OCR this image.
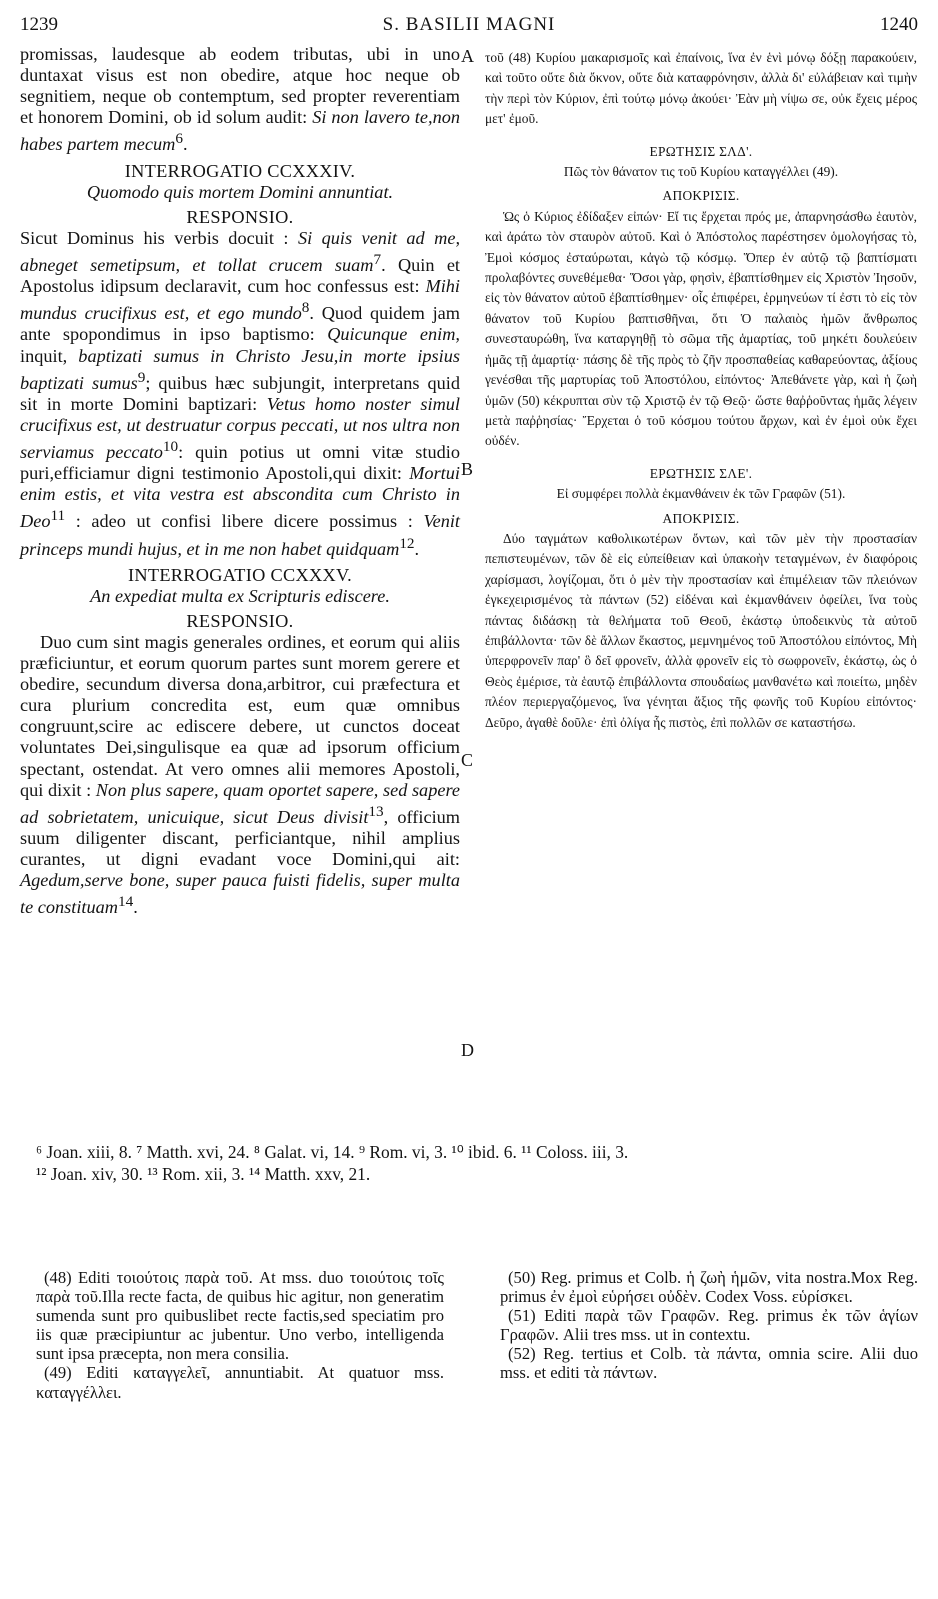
1239	S. BASILII MAGNI	1240
A
B
C
D

promissas, laudesque ab eodem tributas, ubi in uno duntaxat visus est non obedire, atque hoc neque ob segnitiem, neque ob contemptum, sed propter reverentiam et honorem Domini, ob id solum audit: Si non lavero te,non habes partem mecum$^6$.

INTERROGATIO CCXXXIV.

Quomodo quis mortem Domini annuntiat.

RESPONSIO.

Sicut Dominus his verbis docuit : Si quis venit ad me, abneget semetipsum, et tollat crucem suam$^7$. Quin et Apostolus idipsum declaravit, cum hoc confessus est: Mihi mundus crucifixus est, et ego mundo$^8$. Quod quidem jam ante spopondimus in ipso baptismo: Quicunque enim, inquit, baptizati sumus in Christo Jesu,in morte ipsius baptizati sumus$^9$; quibus hæc subjungit, interpretans quid sit in morte Domini baptizari: Vetus homo noster simul crucifixus est, ut destruatur corpus peccati, ut nos ultra non serviamus peccato$^{10}$: quin potius ut omni vitæ studio puri,efficiamur digni testimonio Apostoli,qui dixit: Mortui enim estis, et vita vestra est abscondita cum Christo in Deo$^{11}$ : adeo ut confisi libere dicere possimus : Venit princeps mundi hujus, et in me non habet quidquam$^{12}$.

INTERROGATIO CCXXXV.

An expediat multa ex Scripturis ediscere.

RESPONSIO.

Duo cum sint magis generales ordines, et eorum qui aliis præficiuntur, et eorum quorum partes sunt morem gerere et obedire, secundum diversa dona,arbitror, cui præfectura et cura plurium concredita est, eum quæ omnibus congruunt,scire ac ediscere debere, ut cunctos doceat voluntates Dei,singulisque ea quæ ad ipsorum officium spectant, ostendat. At vero omnes alii memores Apostoli, qui dixit : Non plus sapere, quam oportet sapere, sed sapere ad sobrietatem, unicuique, sicut Deus divisit$^{13}$, officium suum diligenter discant, perficiantque, nihil amplius curantes, ut digni evadant voce Domini,qui ait: Agedum,serve bone, super pauca fuisti fidelis, super multa te constituam$^{14}$.

τοῦ (48) Κυρίου μακαρισμοῖς καὶ ἐπαίνοις, ἵνα ἐν ἑνὶ μόνῳ δόξῃ παρακούειν, καὶ τοῦτο οὔτε διὰ ὄκνον, οὔτε διὰ καταφρόνησιν, ἀλλὰ δι' εὐλάβειαν καὶ τιμὴν τὴν περὶ τὸν Κύριον, ἐπὶ τούτῳ μόνῳ ἀκούει· Ἐὰν μὴ νίψω σε, οὐκ ἔχεις μέρος μετ' ἐμοῦ.

ΕΡΩΤΗΣΙΣ ΣΛΔ'.

Πῶς τὸν θάνατον τις τοῦ Κυρίου καταγγέλλει (49).

ΑΠΟΚΡΙΣΙΣ.

Ὡς ὁ Κύριος ἐδίδαξεν εἰπών· Εἴ τις ἔρχεται πρός με, ἀπαρνησάσθω ἑαυτὸν, καὶ ἀράτω τὸν σταυρὸν αὐτοῦ. Καὶ ὁ Ἀπόστολος παρέστησεν ὁμολογήσας τὸ, Ἐμοὶ κόσμος ἐσταύρωται, κἀγὼ τῷ κόσμῳ. Ὅπερ ἐν αὐτῷ τῷ βαπτίσματι προλαβόντες συνεθέμεθα· Ὅσοι γὰρ, φησὶν, ἐβαπτίσθημεν εἰς Χριστὸν Ἰησοῦν, εἰς τὸν θάνατον αὐτοῦ ἐβαπτίσθημεν· οἷς ἐπιφέρει, ἑρμηνεύων τί ἐστι τὸ εἰς τὸν θάνατον τοῦ Κυρίου βαπτισθῆναι, ὅτι Ὁ παλαιὸς ἡμῶν ἄνθρωπος συνεσταυρώθη, ἵνα καταργηθῇ τὸ σῶμα τῆς ἁμαρτίας, τοῦ μηκέτι δουλεύειν ἡμᾶς τῇ ἁμαρτίᾳ· πάσης δὲ τῆς πρὸς τὸ ζῆν προσπαθείας καθαρεύοντας, ἀξίους γενέσθαι τῆς μαρτυρίας τοῦ Ἀποστόλου, εἰπόντος· Ἀπεθάνετε γὰρ, καὶ ἡ ζωὴ ὑμῶν (50) κέκρυπται σὺν τῷ Χριστῷ ἐν τῷ Θεῷ· ὥστε θαῤῥοῦντας ἡμᾶς λέγειν μετὰ παῤῥησίας· Ἔρχεται ὁ τοῦ κόσμου τούτου ἄρχων, καὶ ἐν ἐμοὶ οὐκ ἔχει οὐδέν.

ΕΡΩΤΗΣΙΣ ΣΛΕ'.

Εἰ συμφέρει πολλὰ ἐκμανθάνειν ἐκ τῶν Γραφῶν (51).

ΑΠΟΚΡΙΣΙΣ.

Δύο ταγμάτων καθολικωτέρων ὄντων, καὶ τῶν μὲν τὴν προστασίαν πεπιστευμένων, τῶν δὲ εἰς εὐπείθειαν καὶ ὑπακοὴν τεταγμένων, ἐν διαφόροις χαρίσμασι, λογίζομαι, ὅτι ὁ μὲν τὴν προστασίαν καὶ ἐπιμέλειαν τῶν πλειόνων ἐγκεχειρισμένος τὰ πάντων (52) εἰδέναι καὶ ἐκμανθάνειν ὀφείλει, ἵνα τοὺς πάντας διδάσκῃ τὰ θελήματα τοῦ Θεοῦ, ἑκάστῳ ὑποδεικνὺς τὰ αὐτοῦ ἐπιβάλλοντα· τῶν δὲ ἄλλων ἕκαστος, μεμνημένος τοῦ Ἀποστόλου εἰπόντος, Μὴ ὑπερφρονεῖν παρ' ὃ δεῖ φρονεῖν, ἀλλὰ φρονεῖν εἰς τὸ σωφρονεῖν, ἑκάστῳ, ὡς ὁ Θεὸς ἐμέρισε, τὰ ἑαυτῷ ἐπιβάλλοντα σπουδαίως μανθανέτω καὶ ποιείτω, μηδὲν πλέον περιεργαζόμενος, ἵνα γένηται ἄξιος τῆς φωνῆς τοῦ Κυρίου εἰπόντος· Δεῦρο, ἀγαθὲ δοῦλε· ἐπὶ ὀλίγα ἧς πιστὸς, ἐπὶ πολλῶν σε καταστήσω.

⁶ Joan. xiii, 8. ⁷ Matth. xvi, 24. ⁸ Galat. vi, 14. ⁹ Rom. vi, 3. ¹⁰ ibid. 6. ¹¹ Coloss. iii, 3.
¹² Joan. xiv, 30. ¹³ Rom. xii, 3. ¹⁴ Matth. xxv, 21.

(48) Editi τοιούτοις παρὰ τοῦ. At mss. duo τοιούτοις τοῖς παρὰ τοῦ.Illa recte facta, de quibus hic agitur, non generatim sumenda sunt pro quibuslibet recte factis,sed speciatim pro iis quæ præcipiuntur ac jubentur. Uno verbo, intelligenda sunt ipsa præcepta, non mera consilia.

(49) Editi καταγγελεῖ, annuntiabit. At quatuor mss. καταγγέλλει.

(50) Reg. primus et Colb. ἡ ζωὴ ἡμῶν, vita nostra.Mox Reg. primus ἐν ἐμοὶ εὑρήσει οὐδὲν. Codex Voss. εὑρίσκει.

(51) Editi παρὰ τῶν Γραφῶν. Reg. primus ἐκ τῶν ἁγίων Γραφῶν. Alii tres mss. ut in contextu.

(52) Reg. tertius et Colb. τὰ πάντα, omnia scire. Alii duo mss. et editi τὰ πάντων.
